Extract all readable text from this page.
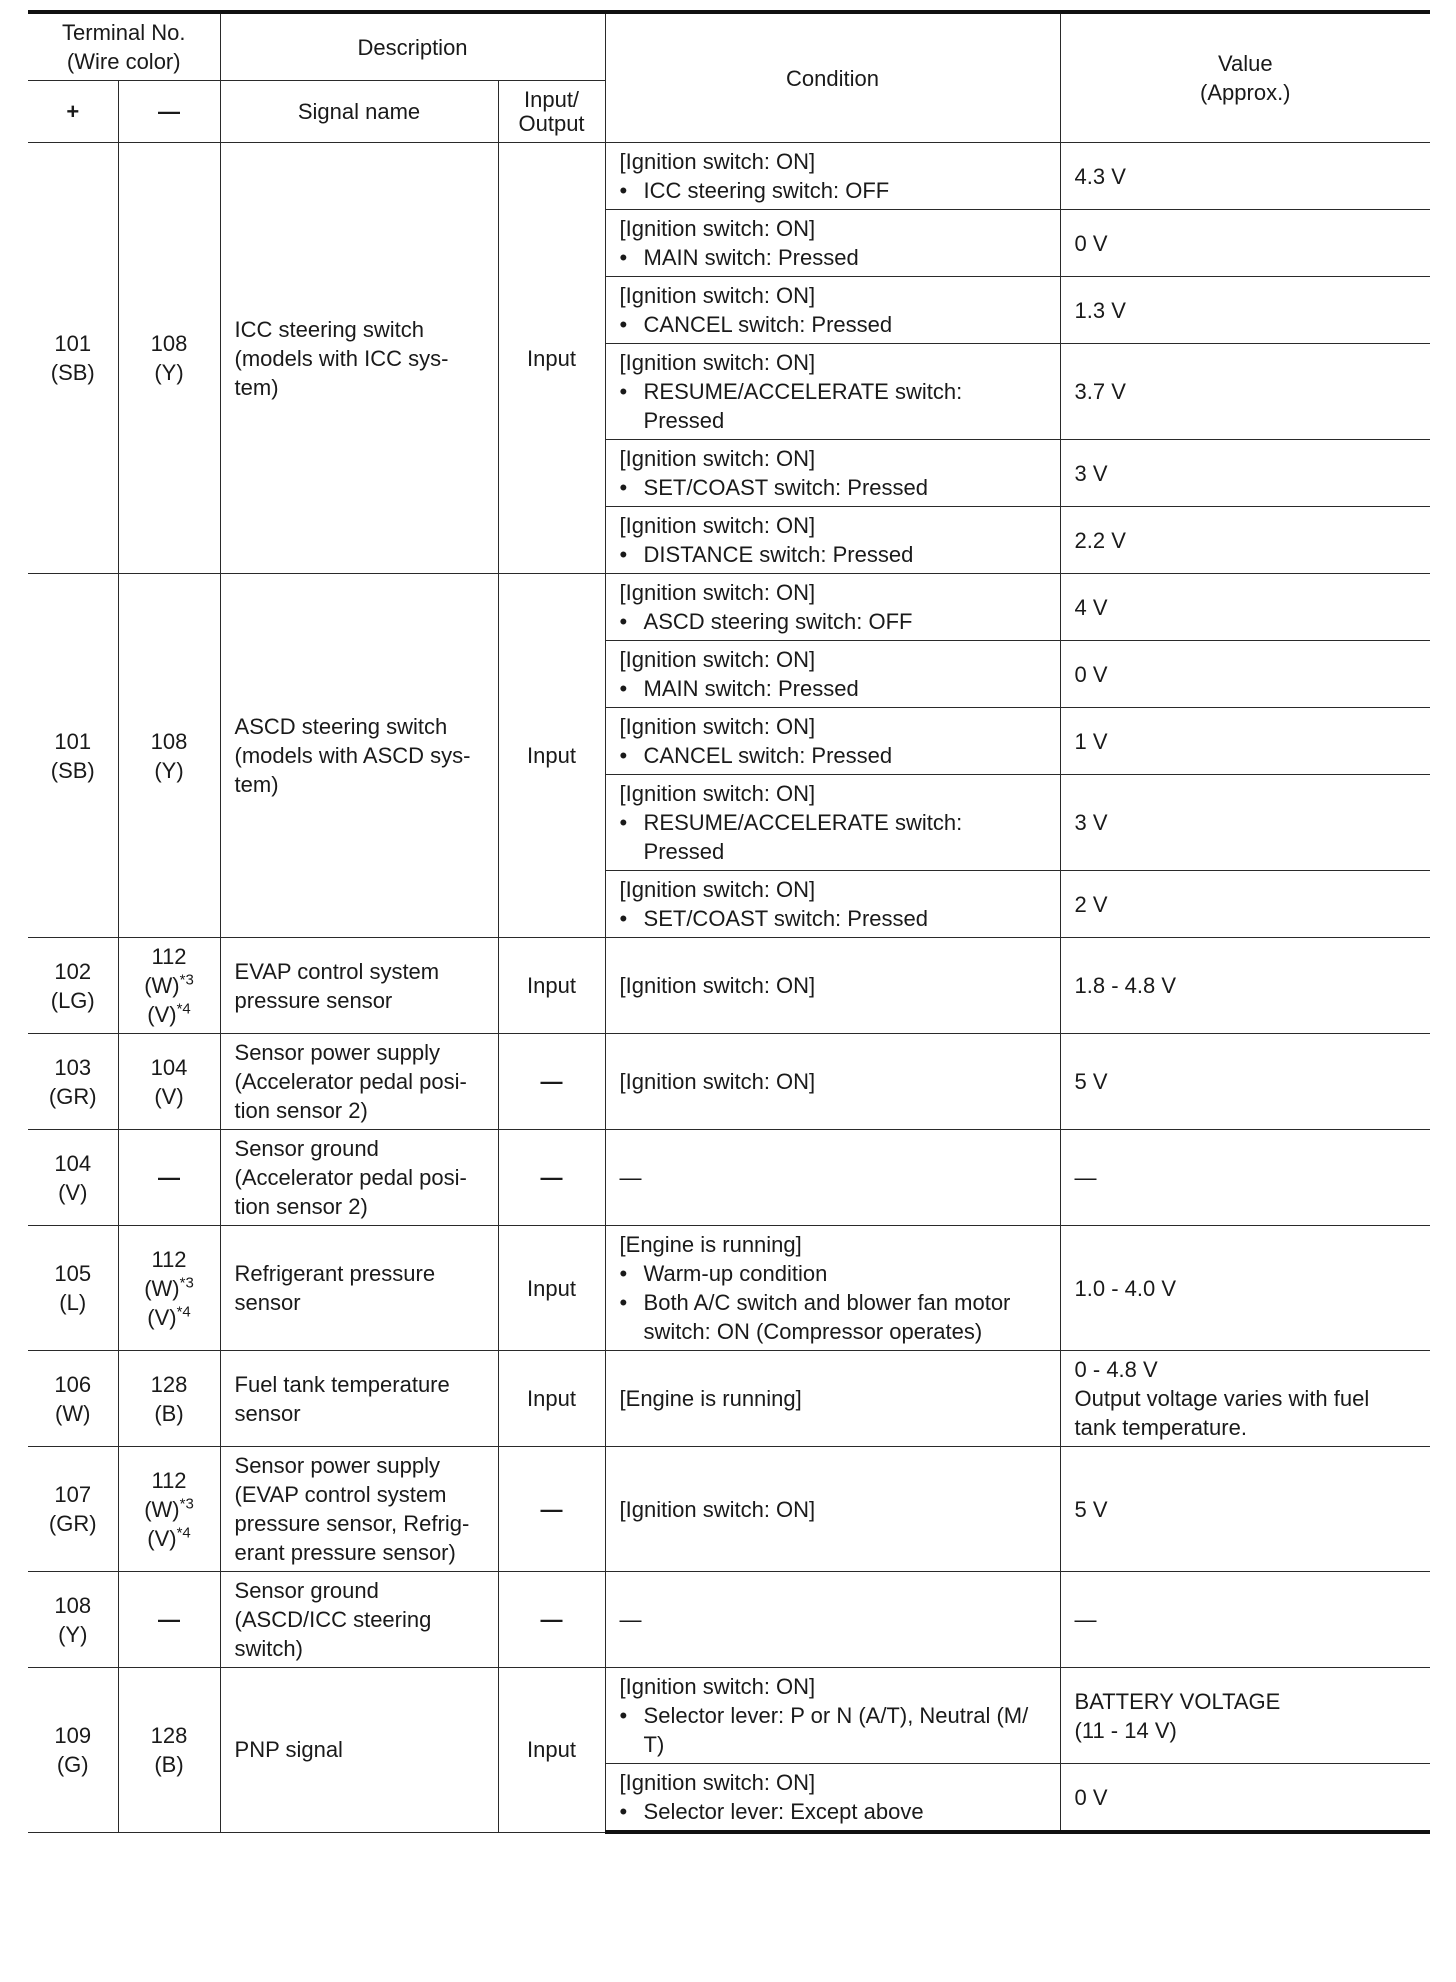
Terminal No.
(Wire color)		Description		Condition	Value
(Approx.)
+	—	Signal name	Input/
Output		

101
(SB)	108
(Y)	ICC steering switch (models with ICC sys-
tem)	Input	[Ignition switch: ON]
• ICC steering switch: OFF	4.3 V

				[Ignition switch: ON]
• MAIN switch: Pressed	0 V

				[Ignition switch: ON]
• CANCEL switch: Pressed	1.3 V

				[Ignition switch: ON]
• RESUME/ACCELERATE switch: Pressed	3.7 V

				[Ignition switch: ON]
• SET/COAST switch: Pressed	3 V

				[Ignition switch: ON]
• DISTANCE switch: Pressed	2.2 V

101
(SB)	108
(Y)	ASCD steering switch (models with ASCD sys-
tem)	Input	[Ignition switch: ON]
• ASCD steering switch: OFF	4 V

				[Ignition switch: ON]
• MAIN switch: Pressed	0 V

				[Ignition switch: ON]
• CANCEL switch: Pressed	1 V

				[Ignition switch: ON]
• RESUME/ACCELERATE switch: Pressed	3 V

				[Ignition switch: ON]
• SET/COAST switch: Pressed	2 V

102
(LG)	112
$(W)^{*3}$
$(V)^{*4}$	EVAP control system pressure sensor	Input	[Ignition switch: ON]	1.8 - 4.8 V

103
(GR)	104
(V)	Sensor power supply (Accelerator pedal posi-
tion sensor 2)	—	[Ignition switch: ON]	5 V

104
(V)	—	Sensor ground (Accelerator pedal posi-
tion sensor 2)	—	—	—

105
(L)	112
$(W)^{*3}$
$(V)^{*4}$	Refrigerant pressure sensor	Input	[Engine is running]
• Warm-up condition
• Both A/C switch and blower fan motor switch: ON (Compressor operates)	1.0 - 4.0 V

106
(W)	128
(B)	Fuel tank temperature sensor	Input	[Engine is running]	0 - 4.8 V
Output voltage varies with fuel tank temperature.

107
(GR)	112
$(W)^{*3}$
$(V)^{*4}$	Sensor power supply (EVAP control system pressure sensor, Refrig-
erant pressure sensor)	—	[Ignition switch: ON]	5 V

108
(Y)	—	Sensor ground (ASCD/ICC steering switch)	—	—	—

109
(G)	128
(B)	PNP signal	Input	[Ignition switch: ON]
• Selector lever: P or N (A/T), Neutral (M/
T)	BATTERY VOLTAGE
(11 - 14 V)

				[Ignition switch: ON]
• Selector lever: Except above	0 V
